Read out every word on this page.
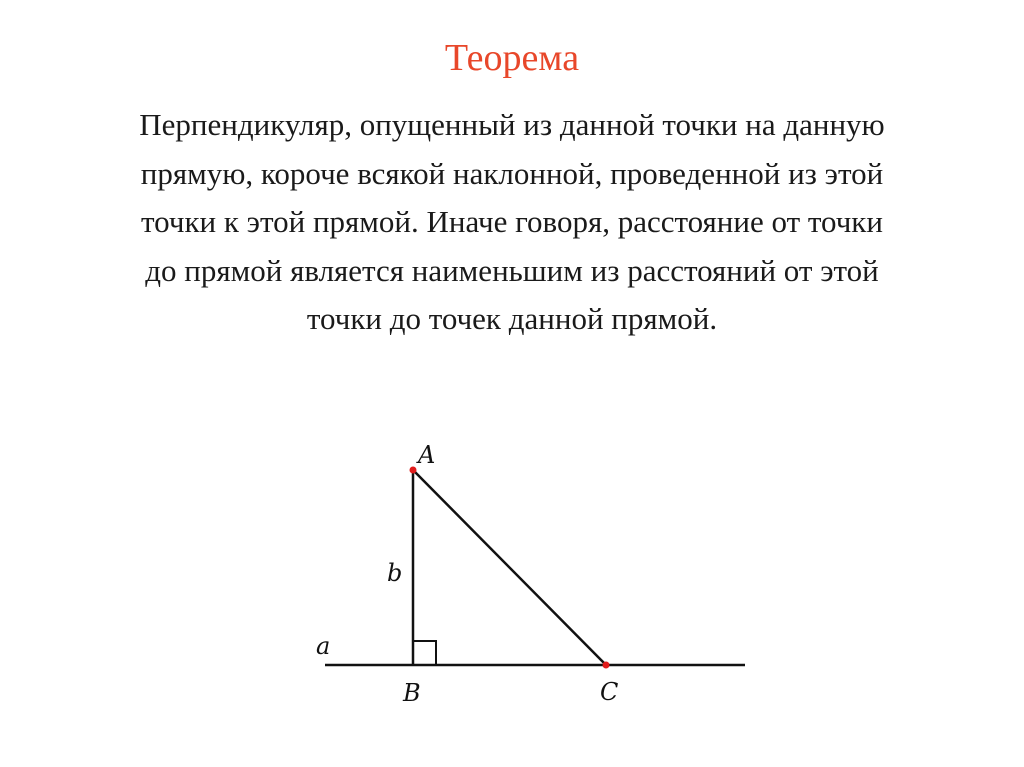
Теорема
Перпендикуляр, опущенный из данной точки на данную
прямую, короче всякой наклонной, проведенной из этой
точки к этой прямой. Иначе говоря, расстояние от точки
до прямой является наименьшим из расстояний от этой
точки до точек данной прямой.
A
B	C
b
a
